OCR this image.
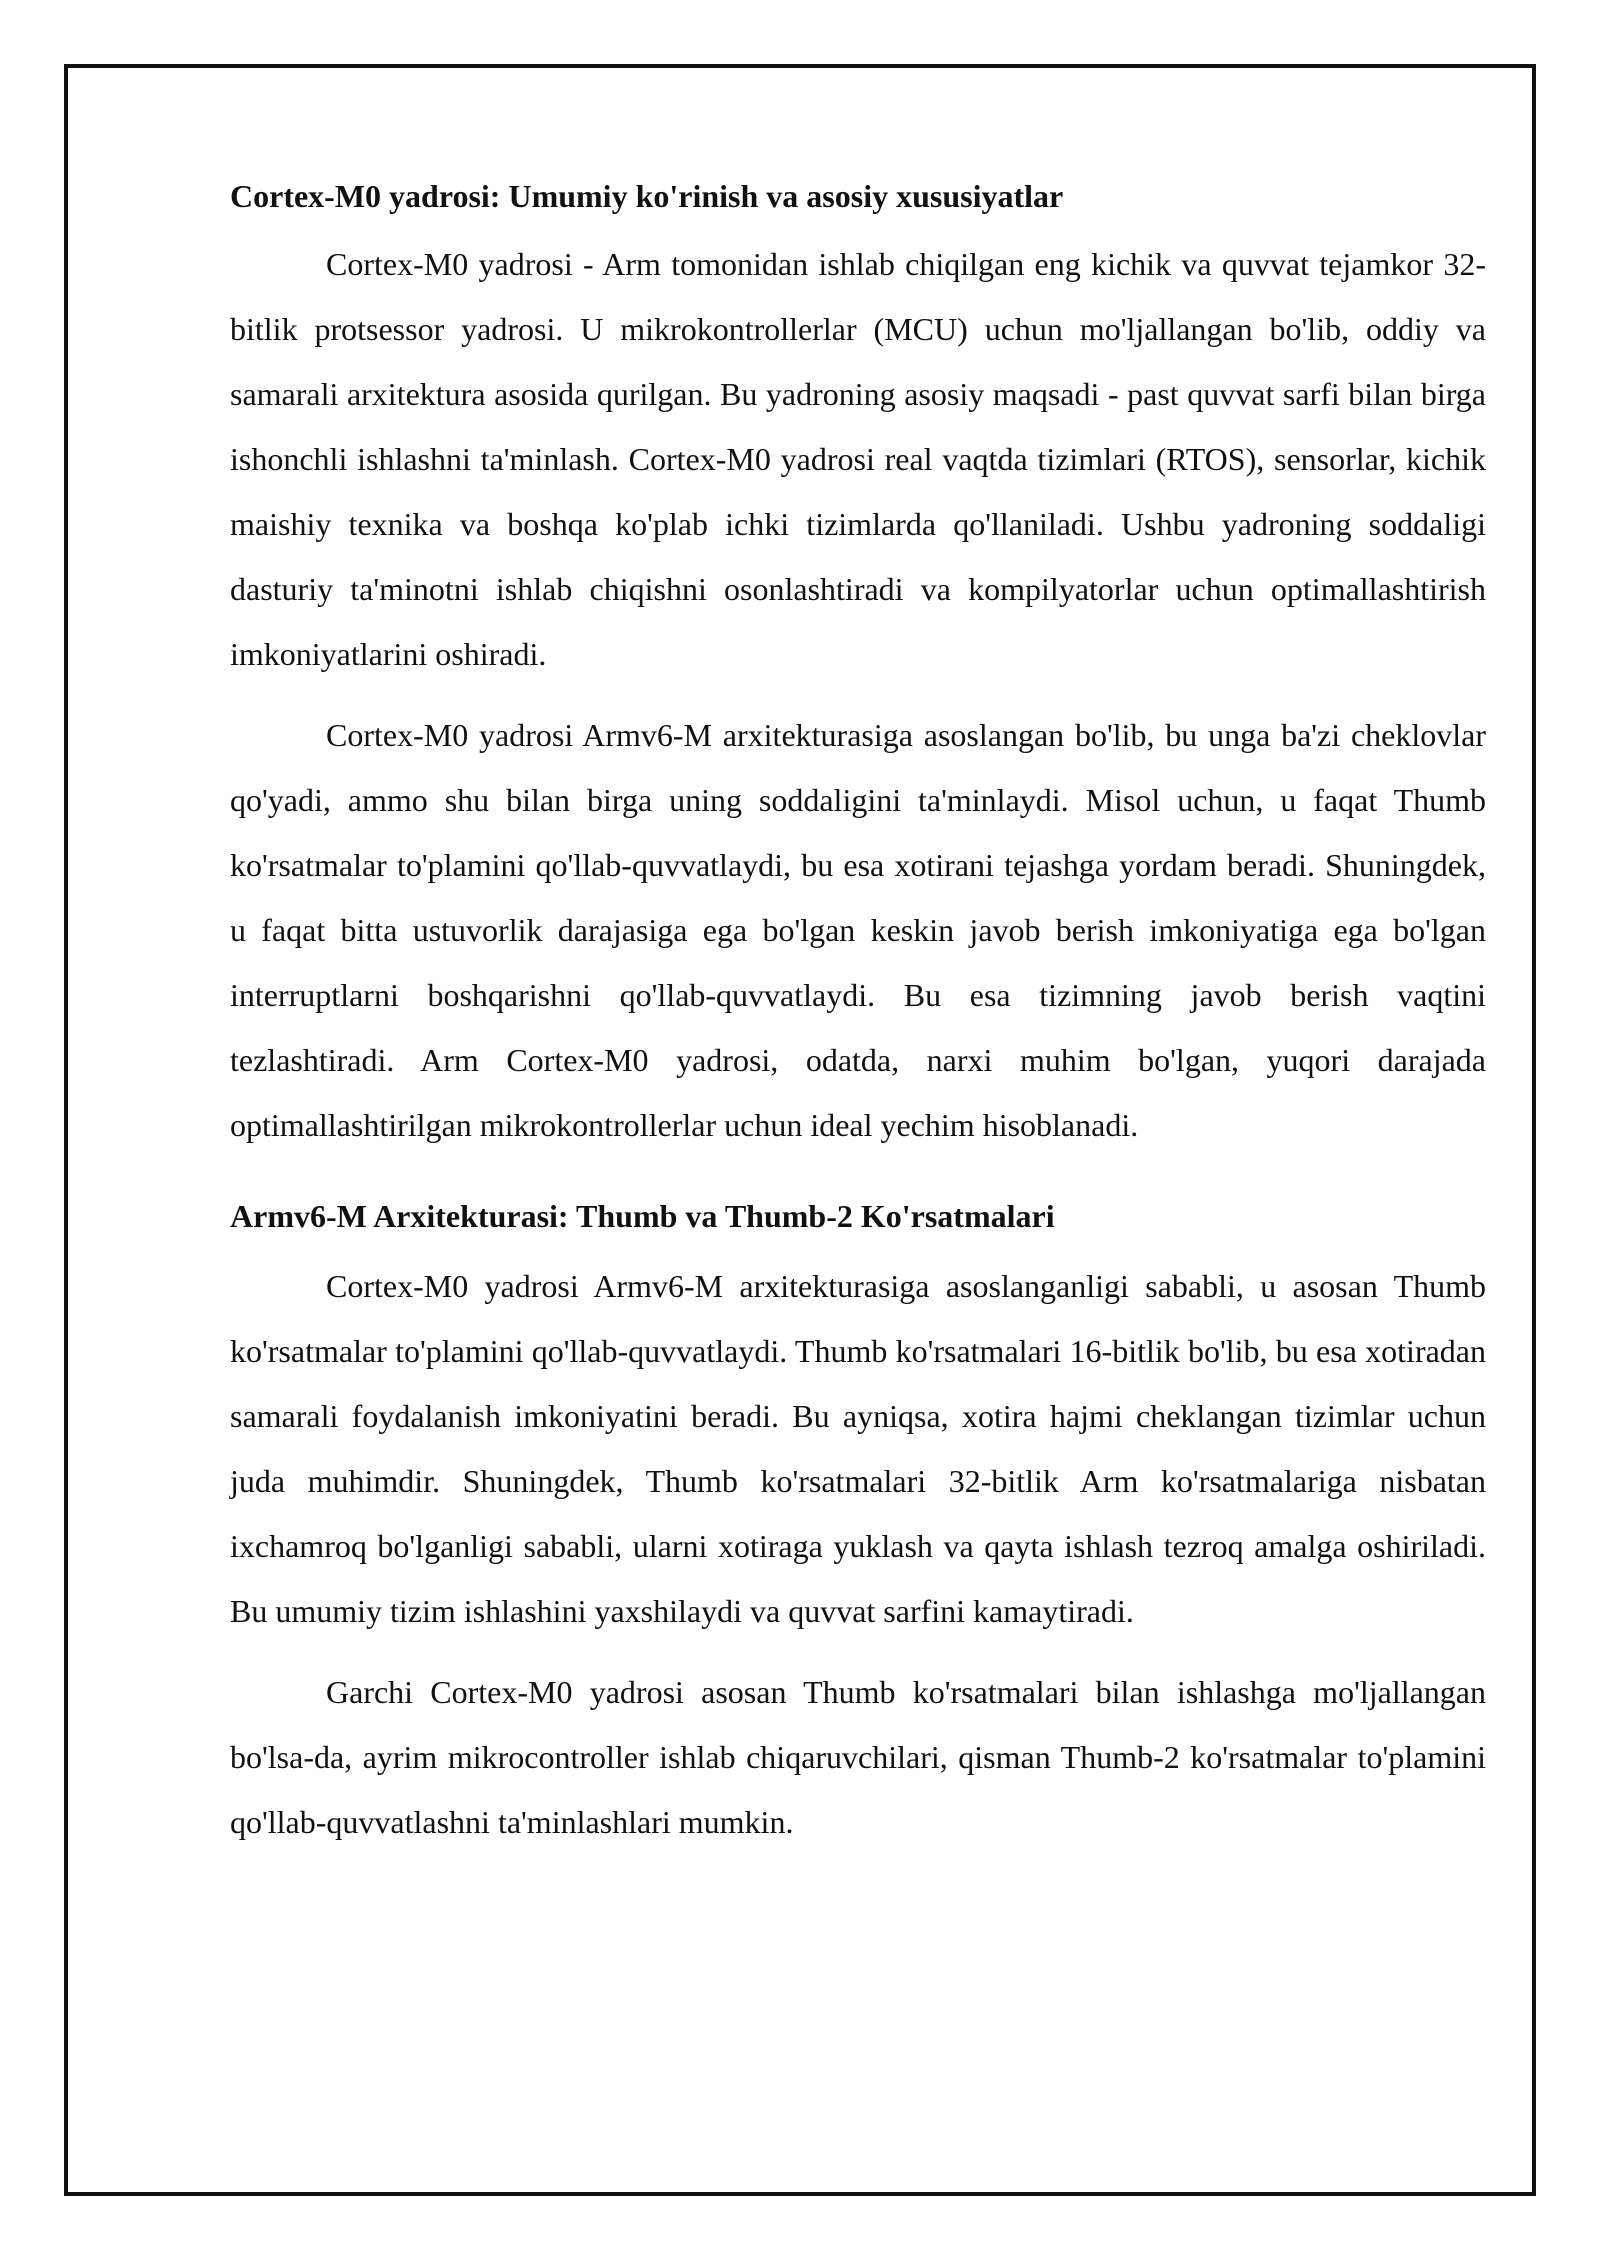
Cortex-M0 yadrosi: Umumiy ko'rinish va asosiy xususiyatlar

Cortex-M0 yadrosi - Arm tomonidan ishlab chiqilgan eng kichik va quvvat tejamkor 32-bitlik protsessor yadrosi. U mikrokontrollerlar (MCU) uchun mo'ljallangan bo'lib, oddiy va samarali arxitektura asosida qurilgan. Bu yadroning asosiy maqsadi - past quvvat sarfi bilan birga ishonchli ishlashni ta'minlash. Cortex-M0 yadrosi real vaqtda tizimlari (RTOS), sensorlar, kichik maishiy texnika va boshqa ko'plab ichki tizimlarda qo'llaniladi. Ushbu yadroning soddaligi dasturiy ta'minotni ishlab chiqishni osonlashtiradi va kompilyatorlar uchun optimallashtirish imkoniyatlarini oshiradi.

Cortex-M0 yadrosi Armv6-M arxitekturasiga asoslangan bo'lib, bu unga ba'zi cheklovlar qo'yadi, ammo shu bilan birga uning soddaligini ta'minlaydi. Misol uchun, u faqat Thumb ko'rsatmalar to'plamini qo'llab-quvvatlaydi, bu esa xotirani tejashga yordam beradi. Shuningdek, u faqat bitta ustuvorlik darajasiga ega bo'lgan keskin javob berish imkoniyatiga ega bo'lgan interruptlarni boshqarishni qo'llab-quvvatlaydi. Bu esa tizimning javob berish vaqtini tezlashtiradi. Arm Cortex-M0 yadrosi, odatda, narxi muhim bo'lgan, yuqori darajada optimallashtirilgan mikrokontrollerlar uchun ideal yechim hisoblanadi.

Armv6-M Arxitekturasi: Thumb va Thumb-2 Ko'rsatmalari

Cortex-M0 yadrosi Armv6-M arxitekturasiga asoslanganligi sababli, u asosan Thumb ko'rsatmalar to'plamini qo'llab-quvvatlaydi. Thumb ko'rsatmalari 16-bitlik bo'lib, bu esa xotiradan samarali foydalanish imkoniyatini beradi. Bu ayniqsa, xotira hajmi cheklangan tizimlar uchun juda muhimdir. Shuningdek, Thumb ko'rsatmalari 32-bitlik Arm ko'rsatmalariga nisbatan ixchamroq bo'lganligi sababli, ularni xotiraga yuklash va qayta ishlash tezroq amalga oshiriladi. Bu umumiy tizim ishlashini yaxshilaydi va quvvat sarfini kamaytiradi.

Garchi Cortex-M0 yadrosi asosan Thumb ko'rsatmalari bilan ishlashga mo'ljallangan bo'lsa-da, ayrim mikrocontroller ishlab chiqaruvchilari, qisman Thumb-2 ko'rsatmalar to'plamini qo'llab-quvvatlashni ta'minlashlari mumkin.
